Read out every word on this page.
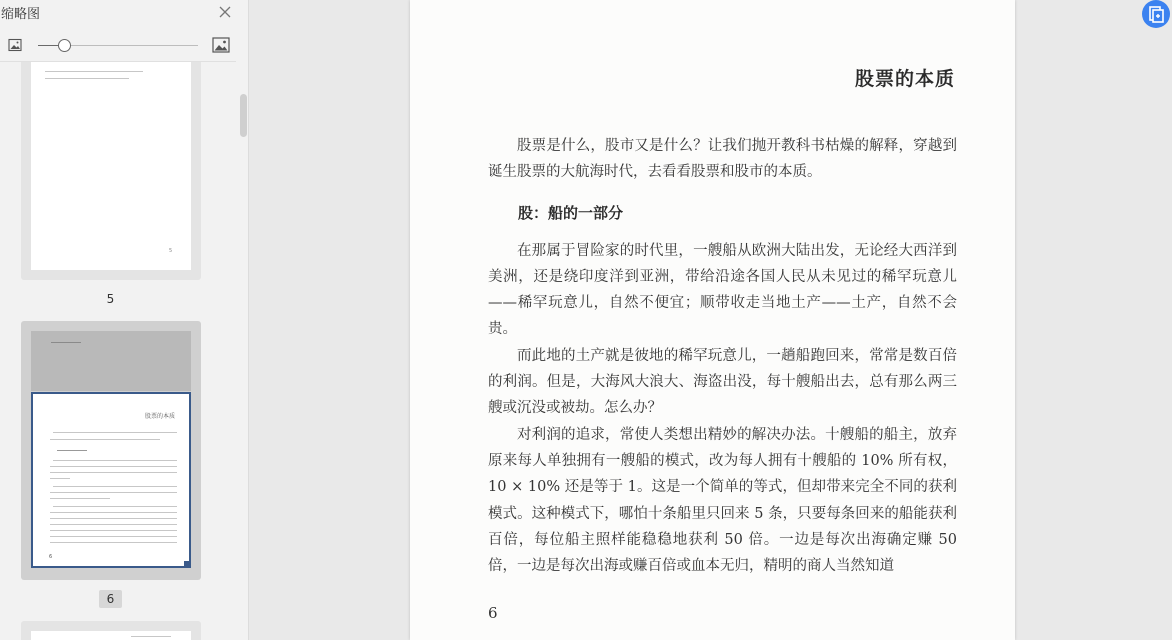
缩略图
5
5
股票的本质
6
6
股票的本质

股票是什么，股市又是什么？让我们抛开教科书枯燥的解释，穿越到诞生股票的大航海时代，去看看股票和股市的本质。

股：船的一部分

在那属于冒险家的时代里，一艘船从欧洲大陆出发，无论经大西洋到美洲，还是绕印度洋到亚洲，带给沿途各国人民从未见过的稀罕玩意儿——稀罕玩意儿，自然不便宜；顺带收走当地土产——土产，自然不会贵。

而此地的土产就是彼地的稀罕玩意儿，一趟船跑回来，常常是数百倍的利润。但是，大海风大浪大、海盗出没，每十艘船出去，总有那么两三艘或沉没或被劫。怎么办？

对利润的追求，常使人类想出精妙的解决办法。十艘船的船主，放弃原来每人单独拥有一艘船的模式，改为每人拥有十艘船的 10% 所有权，10 × 10% 还是等于 1。这是一个简单的等式，但却带来完全不同的获利模式。这种模式下，哪怕十条船里只回来 5 条，只要每条回来的船能获利百倍，每位船主照样能稳稳地获利 50 倍。一边是每次出海确定赚 50 倍，一边是每次出海或赚百倍或血本无归，精明的商人当然知道

6
